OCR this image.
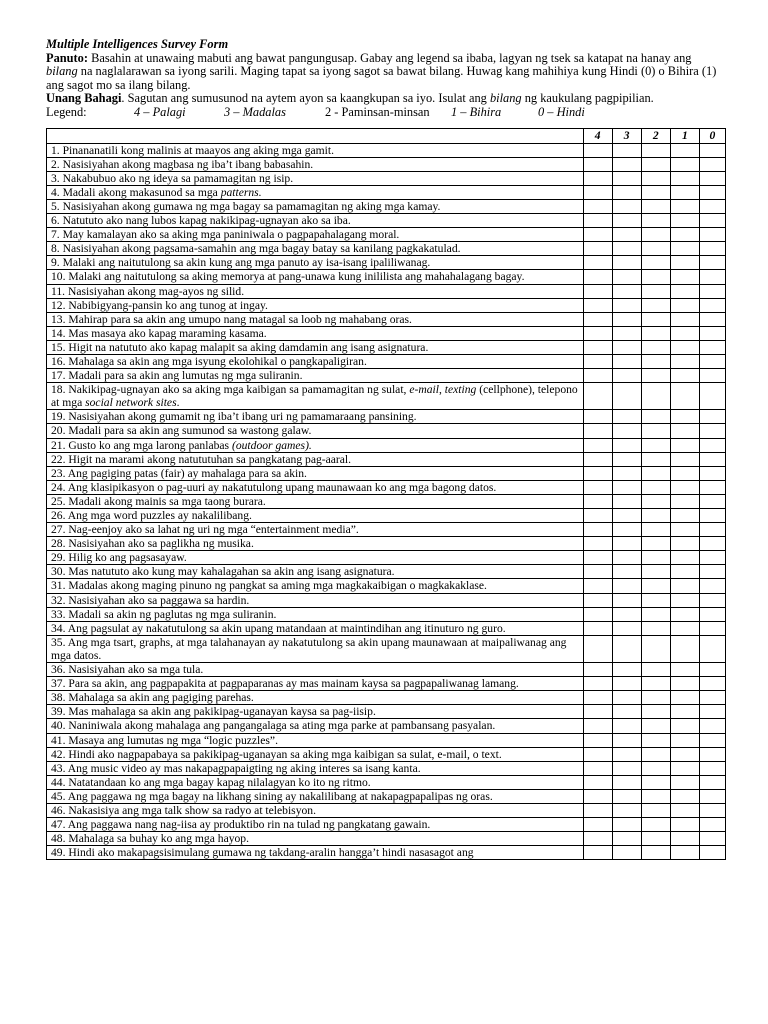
Multiple Intelligences Survey Form
Panuto: Basahin at unawaing mabuti ang bawat pangungusap. Gabay ang legend sa ibaba, lagyan ng tsek sa katapat na hanay ang bilang na naglalarawan sa iyong sarili. Maging tapat sa iyong sagot sa bawat bilang. Huwag kang mahihiya kung Hindi (0) o Bihira (1) ang sagot mo sa ilang bilang.
Unang Bahagi. Sagutan ang sumusunod na aytem ayon sa kaangkupan sa iyo. Isulat ang bilang ng kaukulang pagpipilian.
Legend:	4 – Palagi	3 – Madalas	2 - Paminsan-minsan 1 – Bihira	0 – Hindi
	4	3	2	1	0
1. Pinananatili kong malinis at maayos ang aking mga gamit.					
2. Nasisiyahan akong magbasa ng iba’t ibang babasahin.					
3. Nakabubuo ako ng ideya sa pamamagitan ng isip.					
4. Madali akong makasunod sa mga patterns.					
5. Nasisiyahan akong gumawa ng mga bagay sa pamamagitan ng aking mga kamay.					
6. Natututo ako nang lubos kapag nakikipag-ugnayan ako sa iba.					
7. May kamalayan ako sa aking mga paniniwala o pagpapahalagang moral.					
8. Nasisiyahan akong pagsama-samahin ang mga bagay batay sa kanilang pagkakatulad.					
9. Malaki ang naitutulong sa akin kung ang mga panuto ay isa-isang ipaliliwanag.					
10. Malaki ang naitutulong sa aking memorya at pang-unawa kung inililista ang mahahalagang bagay.					
11. Nasisiyahan akong mag-ayos ng silid.					
12. Nabibigyang-pansin ko ang tunog at ingay.					
13. Mahirap para sa akin ang umupo nang matagal sa loob ng mahabang oras.					
14. Mas masaya ako kapag maraming kasama.					
15. Higit na natututo ako kapag malapit sa aking damdamin ang isang asignatura.					
16. Mahalaga sa akin ang mga isyung ekolohikal o pangkapaligiran.					
17. Madali para sa akin ang lumutas ng mga suliranin.					
18. Nakikipag-ugnayan ako sa aking mga kaibigan sa pamamagitan ng sulat, e-mail, texting (cellphone), telepono at mga social network sites.					
19. Nasisiyahan akong gumamit ng iba’t ibang uri ng pamamaraang pansining.					
20. Madali para sa akin ang sumunod sa wastong galaw.					
21. Gusto ko ang mga larong panlabas (outdoor games).					
22. Higit na marami akong natututuhan sa pangkatang pag-aaral.					
23. Ang pagiging patas (fair) ay mahalaga para sa akin.					
24. Ang klasipikasyon o pag-uuri ay nakatutulong upang maunawaan ko ang mga bagong datos.					
25. Madali akong mainis sa mga taong burara.					
26. Ang mga word puzzles ay nakalilibang.					
27. Nag-eenjoy ako sa lahat ng uri ng mga “entertainment media”.					
28. Nasisiyahan ako sa paglikha ng musika.					
29. Hilig ko ang pagsasayaw.					
30. Mas natututo ako kung may kahalagahan sa akin ang isang asignatura.					
31. Madalas akong maging pinuno ng pangkat sa aming mga magkakaibigan o magkakaklase.					
32. Nasisiyahan ako sa paggawa sa hardin.					
33. Madali sa akin ng paglutas ng mga suliranin.					
34. Ang pagsulat ay nakatutulong sa akin upang matandaan at maintindihan ang itinuturo ng guro.					
35. Ang mga tsart, graphs, at mga talahanayan ay nakatutulong sa akin upang maunawaan at maipaliwanag ang mga datos.					
36. Nasisiyahan ako sa mga tula.					
37. Para sa akin, ang pagpapakita at pagpaparanas ay mas mainam kaysa sa pagpapaliwanag lamang.					
38. Mahalaga sa akin ang pagiging parehas.					
39. Mas mahalaga sa akin ang pakikipag-uganayan kaysa sa pag-iisip.					
40. Naniniwala akong mahalaga ang pangangalaga sa ating mga parke at pambansang pasyalan.					
41. Masaya ang lumutas ng mga “logic puzzles”.					
42. Hindi ako nagpapabaya sa pakikipag-uganayan sa aking mga kaibigan sa sulat, e-mail, o text.					
43. Ang music video ay mas nakapagpapaigting ng aking interes sa isang kanta.					
44. Natatandaan ko ang mga bagay kapag nilalagyan ko ito ng ritmo.					
45. Ang paggawa ng mga bagay na likhang sining ay nakalilibang at nakapagpapalipas ng oras.					
46. Nakasisiya ang mga talk show sa radyo at telebisyon.					
47. Ang paggawa nang nag-iisa ay produktibo rin na tulad ng pangkatang gawain.					
48. Mahalaga sa buhay ko ang mga hayop.					
49. Hindi ako makapagsisimulang gumawa ng takdang-aralin hangga’t hindi nasasagot ang					
